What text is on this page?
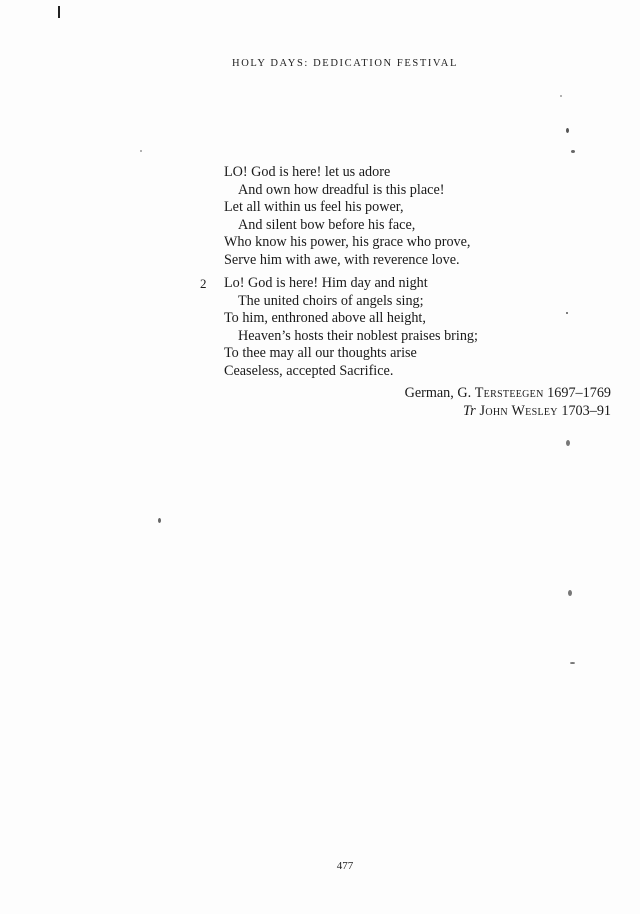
HOLY DAYS: DEDICATION FESTIVAL
LO! God is here! let us adore
And own how dreadful is this place!
Let all within us feel his power,
And silent bow before his face,
Who know his power, his grace who prove,
Serve him with awe, with reverence love.
2 Lo! God is here! Him day and night
The united choirs of angels sing;
To him, enthroned above all height,
Heaven’s hosts their noblest praises bring;
To thee may all our thoughts arise
Ceaseless, accepted Sacrifice.
German, G. Tersteegen 1697–1769
Tr John Wesley 1703–91
477
